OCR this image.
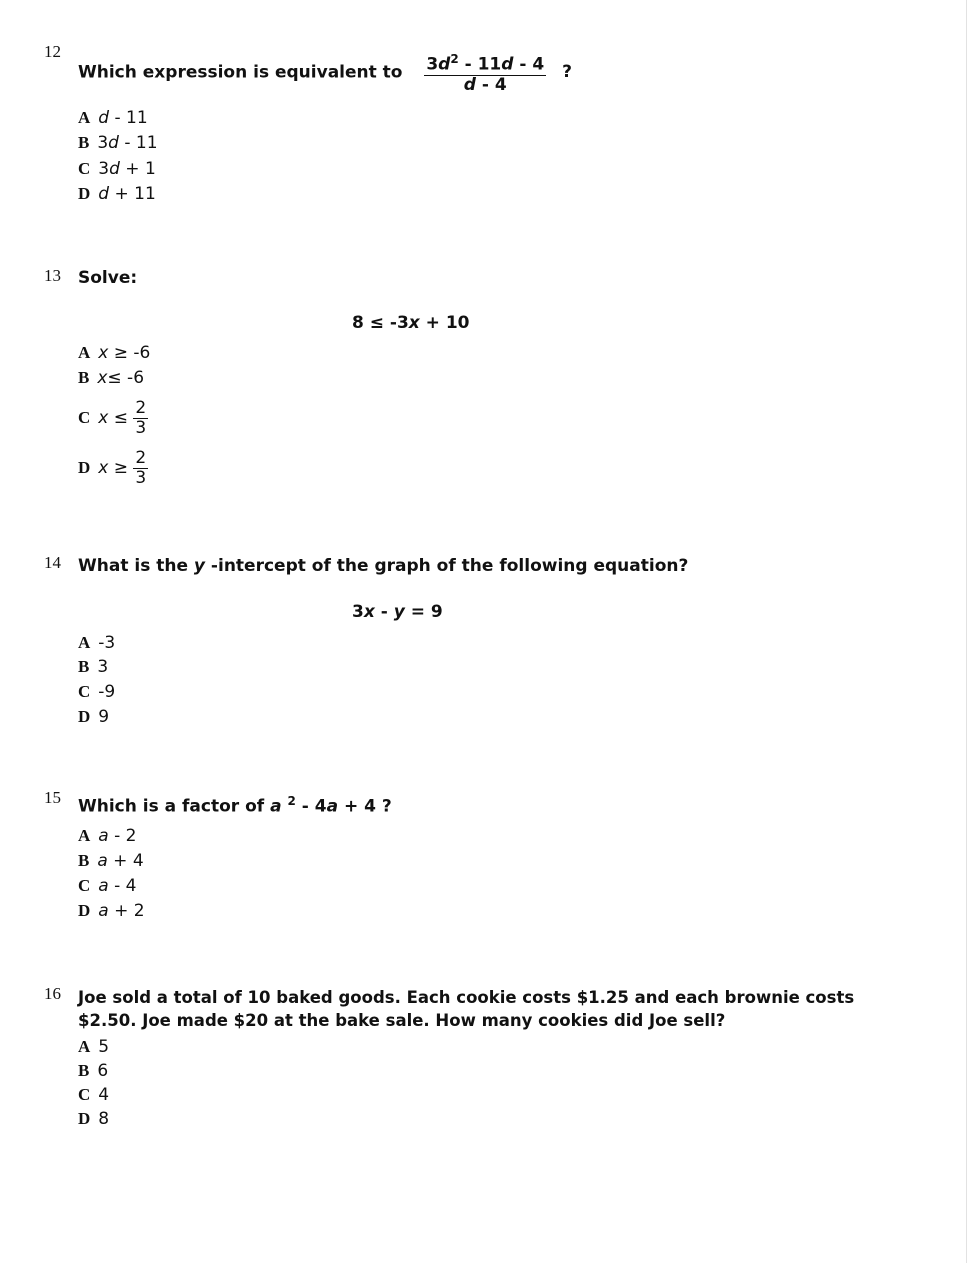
12
Which expression is equivalent to $\frac{3d^2 - 11d - 4}{d - 4}$ ?
A d - 11
B 3d - 11
C 3d + 1
D d + 11
13 Solve:
8 ≤ -3x + 10
A x ≥ -6
B x≤ -6
C $x \le \frac{2}{3}$
D $x \ge \frac{2}{3}$
14 What is the y -intercept of the graph of the following equation?
3x - y = 9
A -3
B 3
C -9
D 9
15 Which is a factor of a $^2$ - 4a + 4 ?
A a - 2
B a + 4
C a - 4
D a + 2
16 Joe sold a total of 10 baked goods. Each cookie costs $1.25 and each brownie costs
$2.50. Joe made $20 at the bake sale. How many cookies did Joe sell?
A 5
B 6
C 4
D 8
